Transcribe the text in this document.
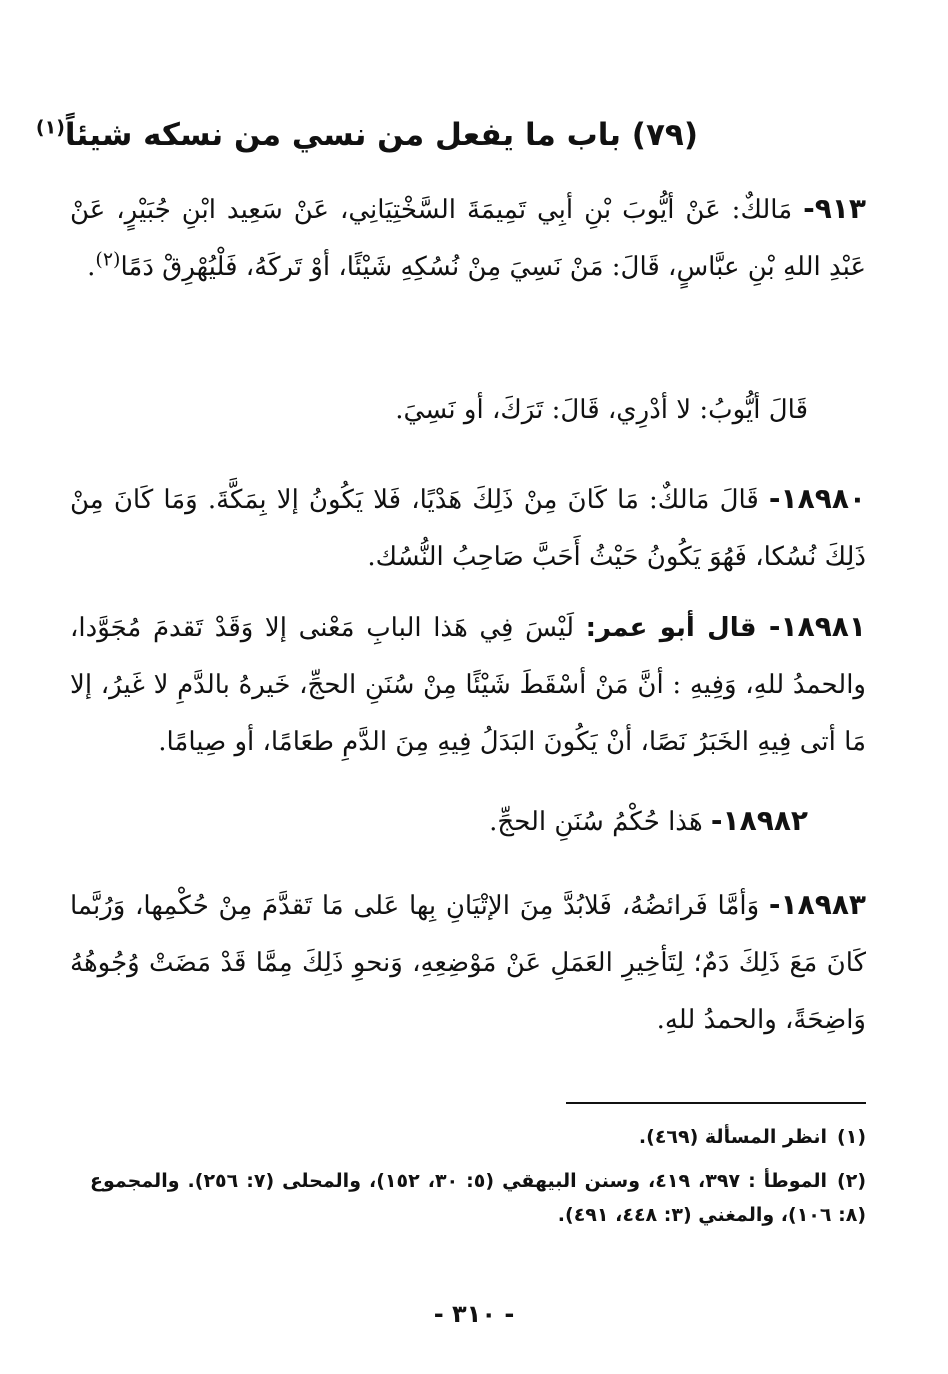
(٧٩) باب ما يفعل من نسي من نسكه شيئاً$^{(١)}$

٩١٣- مَالكٌ: عَنْ أيُّوبَ بْنِ أبِي تَمِيمَةَ السَّخْتِيَانِي، عَنْ سَعِيد ابْنِ جُبَيْرٍ، عَنْ عَبْدِ اللهِ بْنِ عبَّاسٍ، قَالَ: مَنْ نَسِيَ مِنْ نُسُكِهِ شَيْئًا، أوْ تَركَهُ، فَلْيُهْرِقْ دَمًا$^{(٢)}$.

قَالَ أيُّوبُ: لا أدْرِي، قَالَ: تَرَكَ، أو نَسِيَ.

١٨٩٨٠- قَالَ مَالكٌ: مَا كَانَ مِنْ ذَلِكَ هَدْيًا، فَلا يَكُونُ إلا بِمَكَّةَ. وَمَا كَانَ مِنْ ذَلِكَ نُسُكا، فَهُوَ يَكُونُ حَيْثُ أَحَبَّ صَاحِبُ النُّسُك.

١٨٩٨١- قال أبو عمر: لَيْسَ فِي هَذا البابِ مَعْنى إلا وَقَدْ تَقدمَ مُجَوَّدا، والحمدُ للهِ، وَفِيهِ : أنَّ مَنْ أسْقَطَ شَيْئًا مِنْ سُنَنِ الحجِّ، خَيرهُ بالدَّمِ لا غَيرُ، إلا مَا أتى فِيهِ الخَبَرُ نَصًا، أنْ يَكُونَ البَدَلُ فِيهِ مِنَ الدَّمِ طعَامًا، أو صِيامًا.

١٨٩٨٢- هَذا حُكْمُ سُنَنِ الحجِّ.

١٨٩٨٣- وَأمَّا فَرائضُهُ، فَلابُدَّ مِنَ الإتْيَانِ بِها عَلى مَا تَقدَّمَ مِنْ حُكْمِها، وَرُبَّما كَانَ مَعَ ذَلِكَ دَمٌ؛ لِتَأخِيرِ العَمَلِ عَنْ مَوْضِعِهِ، وَنحوِ ذَلِكَ مِمَّا قَدْ مَضَتْ وُجُوهُهُ وَاضِحَةً، والحمدُ للهِ.

(١)انظر المسألة (٤٦٩).

(٢)الموطأ : ٣٩٧، ٤١٩، وسنن البيهقي (٥: ٣٠، ١٥٢)، والمحلى (٧: ٢٥٦). والمجموع (٨: ١٠٦)، والمغني (٣: ٤٤٨، ٤٩١).

- ٣١٠ -
